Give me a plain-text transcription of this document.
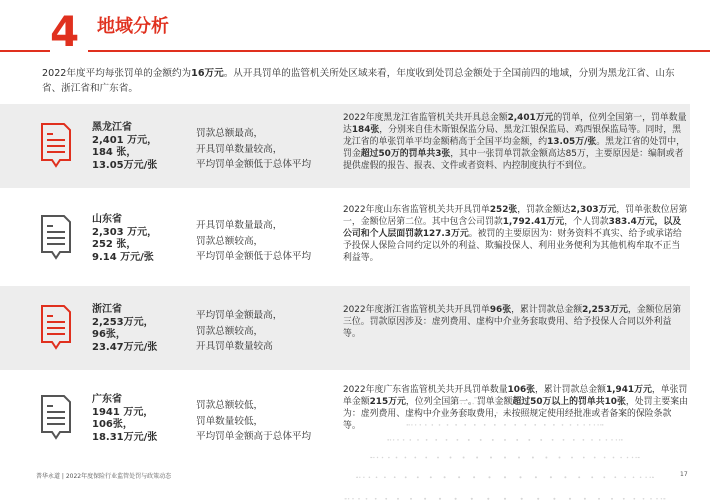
4 地域分析

2022年度平均每张罚单的金额约为16万元。从开具罚单的监管机关所处区域来看，年度收到处罚总金额处于全国前四的地域，分别为黑龙江省、山东省、浙江省和广东省。

黑龙江省
2,401 万元，
184 张，
13.05万元/张
罚款总额最高，
开具罚单数量较高，
平均罚单金额低于总体平均
2022年度黑龙江省监管机关共开具总金额2,401万元的罚单，位列全国第一，罚单数量达184张，分别来自佳木斯银保监分局、黑龙江银保监局、鸡西银保监局等。同时，黑龙江省的单张罚单平均金额稍高于全国平均金额，约13.05万/张。黑龙江省的处罚中，罚金超过50万的罚单共3张，其中一张罚单罚款金额高达85万，主要原因是：编制或者提供虚假的报告、报表、文件或者资料、内控制度执行不到位。
山东省
2,303 万元，
252 张，
9.14 万元/张
开具罚单数量最高，
罚款总额较高，
平均罚单金额低于总体平均
2022年度山东省监管机关共开具罚单252张，罚款金额达2,303万元，罚单张数位居第一，金额位居第二位。其中包含公司罚款1,792.41万元，个人罚款383.4万元，以及公司和个人层面罚款127.3万元。被罚的主要原因为：财务资料不真实、给予或承诺给予投保人保险合同约定以外的利益、欺骗投保人、利用业务便利为其他机构牟取不正当利益等。
浙江省
2,253万元，
96张，
23.47万元/张
平均罚单金额最高，
罚款总额较高，
开具罚单数量较高
2022年度浙江省监管机关共开具罚单96张，累计罚款总金额2,253万元，金额位居第三位。罚款原因涉及：虚列费用、虚构中介业务套取费用、给予投保人合同以外利益等。
广东省
1941 万元，
106张，
18.31万元/张
罚款总额较低，
罚单数量较低，
平均罚单金额高于总体平均
2022年度广东省监管机关共开具罚单数量106张，累计罚款总金额1,941万元，单张罚单金额215万元，位列全国第一。罚单金额超过50万以上的罚单共10张，处罚主要案由为：虚列费用、虚构中介业务套取费用，未按照规定使用经批准或者备案的保险条款等。
普华永道 | 2022年度保险行业监管处罚与政策动态	17
